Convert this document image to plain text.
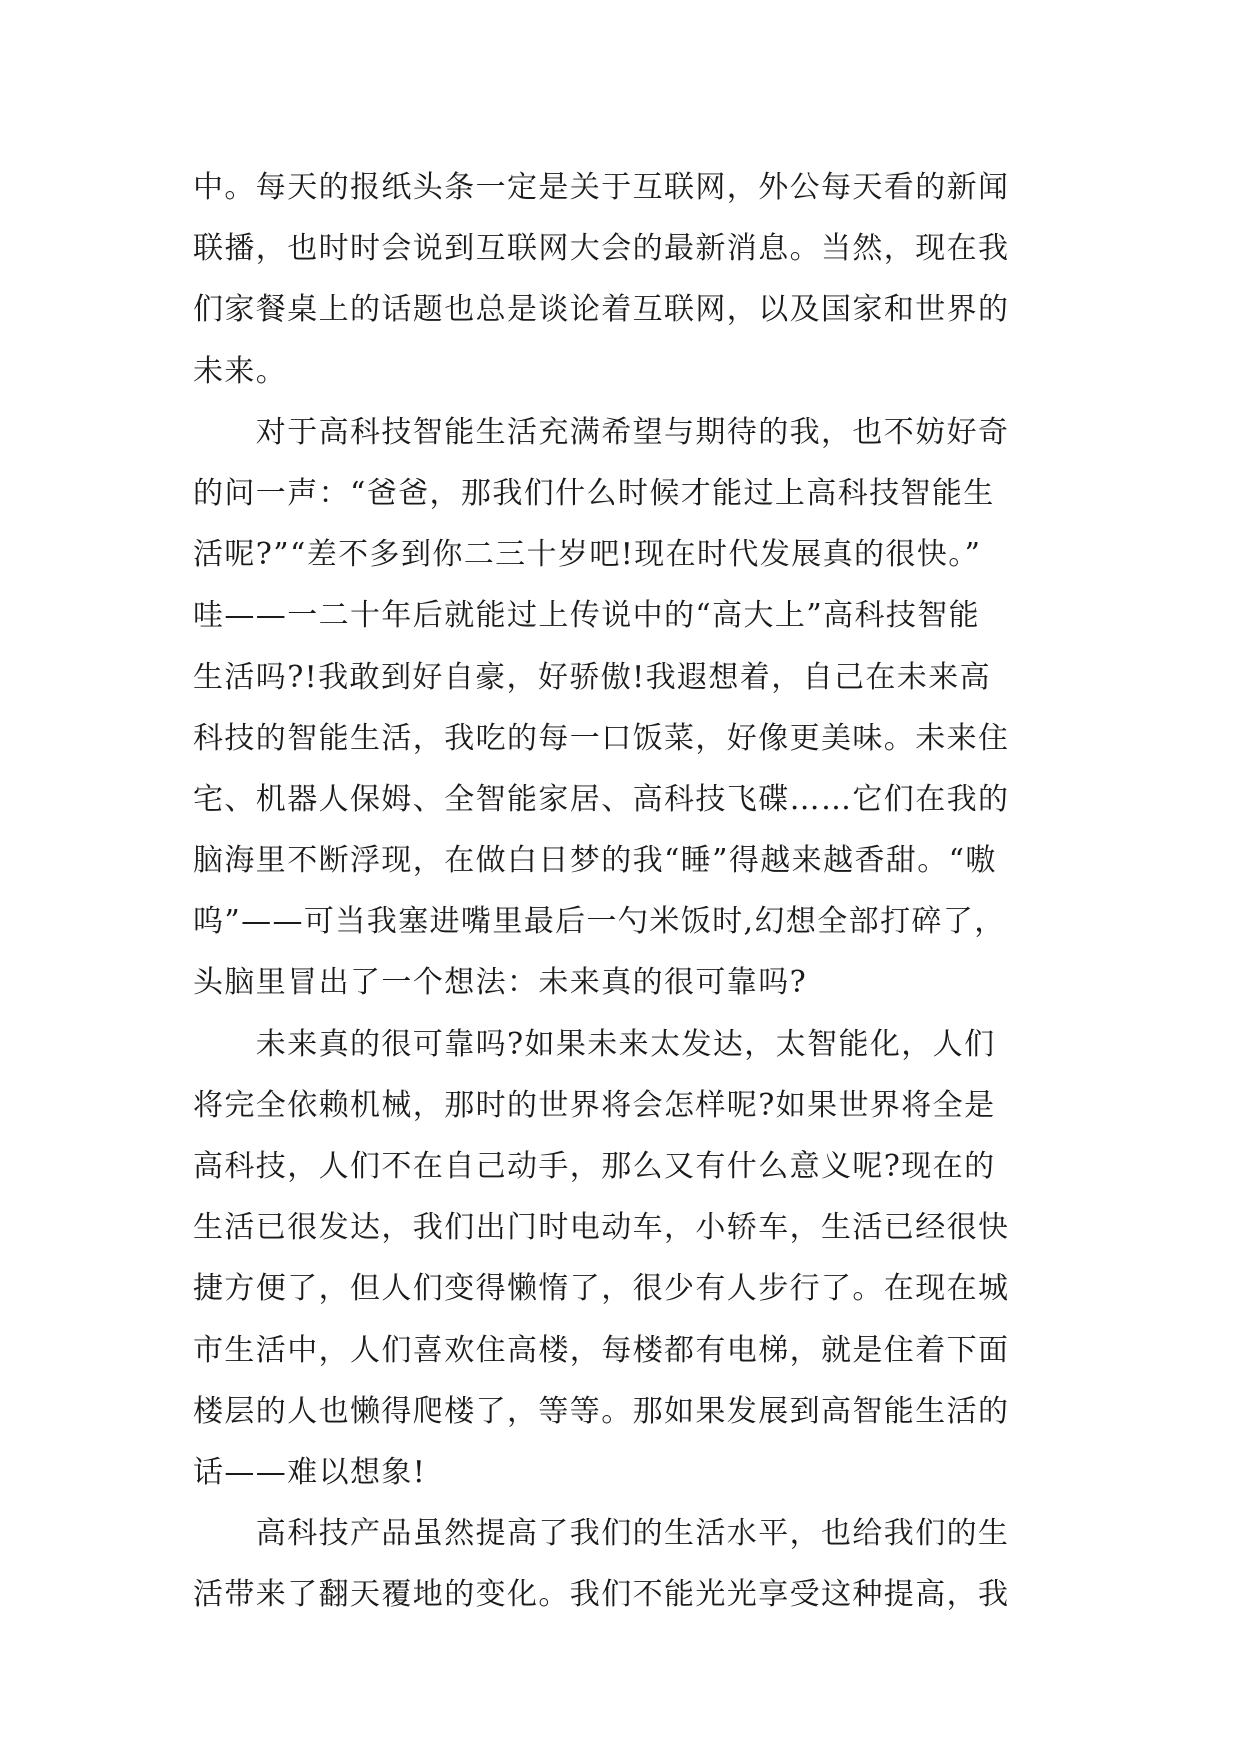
中。每天的报纸头条一定是关于互联网，外公每天看的新闻
联播，也时时会说到互联网大会的最新消息。当然，现在我
们家餐桌上的话题也总是谈论着互联网，以及国家和世界的
未来。
　　对于高科技智能生活充满希望与期待的我，也不妨好奇
的问一声：“爸爸，那我们什么时候才能过上高科技智能生
活呢?”“差不多到你二三十岁吧!现在时代发展真的很快。”
哇——一二十年后就能过上传说中的“高大上”高科技智能
生活吗?!我敢到好自豪，好骄傲!我遐想着，自己在未来高
科技的智能生活，我吃的每一口饭菜，好像更美味。未来住
宅、机器人保姆、全智能家居、高科技飞碟……它们在我的
脑海里不断浮现，在做白日梦的我“睡”得越来越香甜。“嗷
呜”——可当我塞进嘴里最后一勺米饭时,幻想全部打碎了，
头脑里冒出了一个想法：未来真的很可靠吗?
　　未来真的很可靠吗?如果未来太发达，太智能化，人们
将完全依赖机械，那时的世界将会怎样呢?如果世界将全是
高科技，人们不在自己动手，那么又有什么意义呢?现在的
生活已很发达，我们出门时电动车，小轿车，生活已经很快
捷方便了，但人们变得懒惰了，很少有人步行了。在现在城
市生活中，人们喜欢住高楼，每楼都有电梯，就是住着下面
楼层的人也懒得爬楼了，等等。那如果发展到高智能生活的
话——难以想象!
　　高科技产品虽然提高了我们的生活水平，也给我们的生
活带来了翻天覆地的变化。我们不能光光享受这种提高，我
